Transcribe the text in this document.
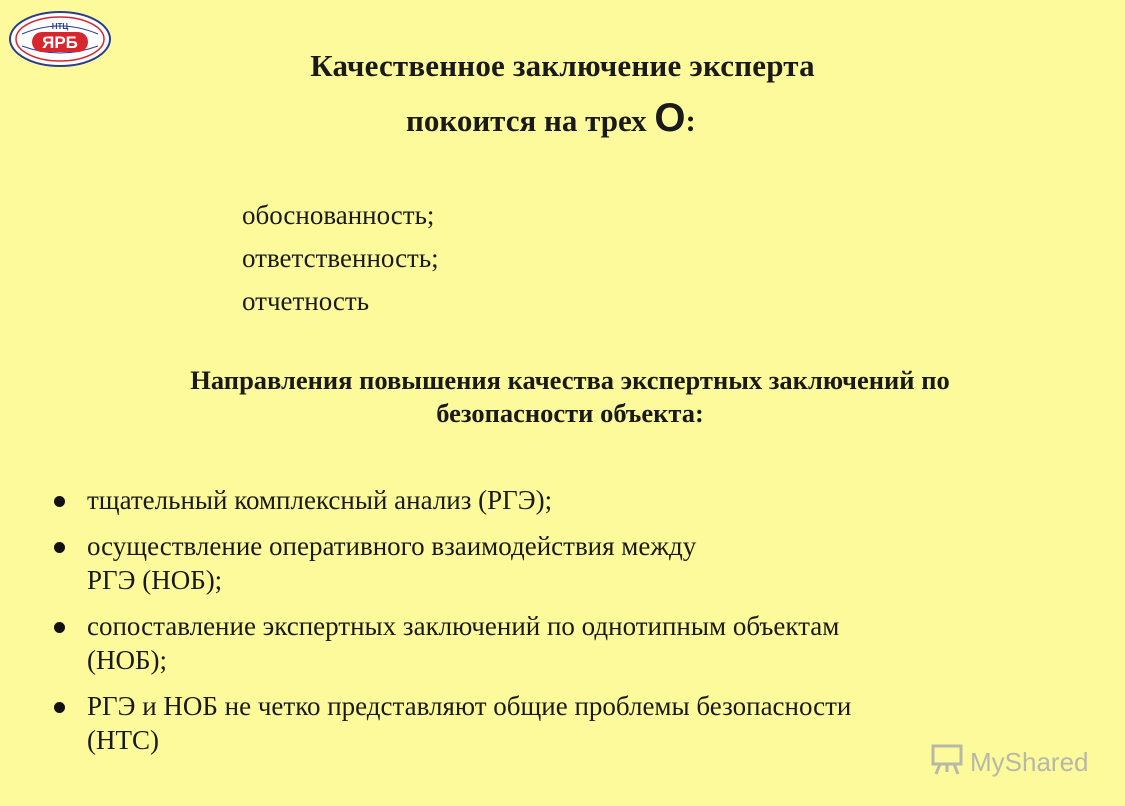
ЯРБ
НТЦ
Качественное заключение эксперта
покоится на трех О:
обоснованность;
ответственность;
отчетность
Направления повышения качества экспертных заключений по
безопасности объекта:
тщательный комплексный анализ (РГЭ);
осуществление оперативного взаимодействия между
РГЭ (НОБ);
сопоставление экспертных заключений по однотипным объектам
(НОБ);
РГЭ и НОБ не четко представляют общие проблемы безопасности
(НТС)
MyShared
